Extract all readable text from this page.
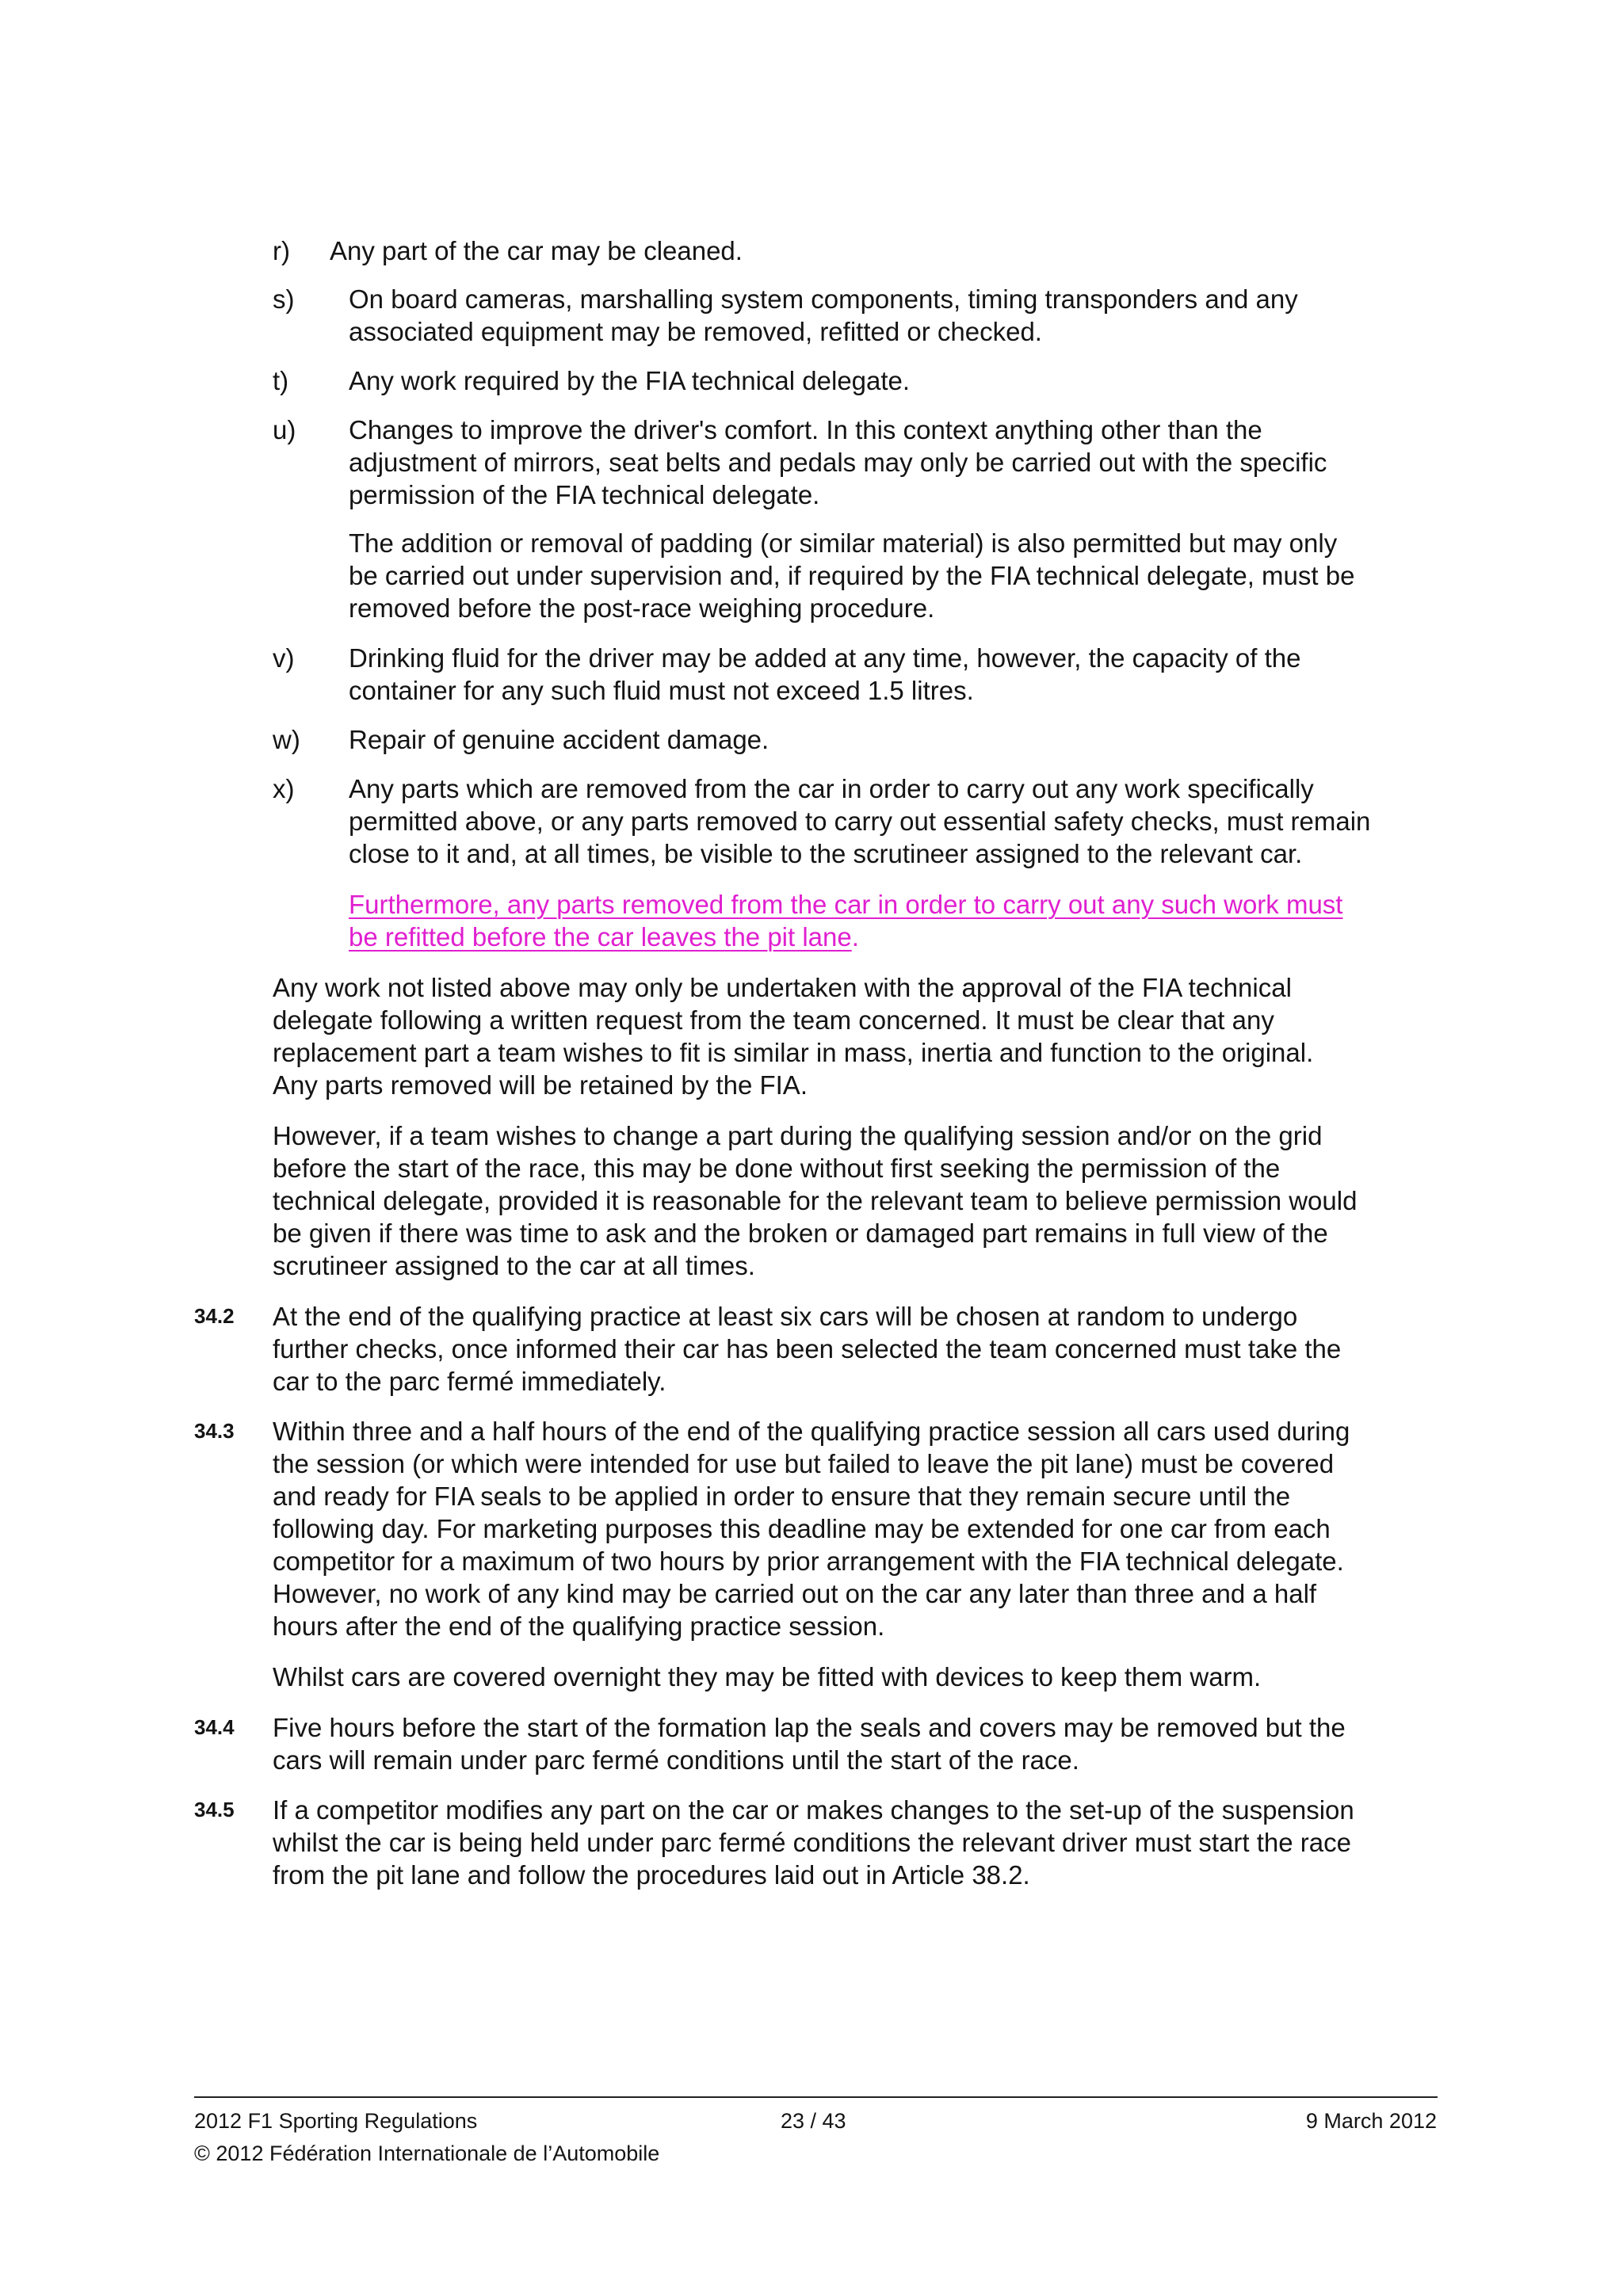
r) Any part of the car may be cleaned.
s) On board cameras, marshalling system components, timing transponders and any
associated equipment may be removed, refitted or checked.
t) Any work required by the FIA technical delegate.
u) Changes to improve the driver's comfort. In this context anything other than the
adjustment of mirrors, seat belts and pedals may only be carried out with the specific
permission of the FIA technical delegate.
The addition or removal of padding (or similar material) is also permitted but may only
be carried out under supervision and, if required by the FIA technical delegate, must be
removed before the post-race weighing procedure.
v) Drinking fluid for the driver may be added at any time, however, the capacity of the
container for any such fluid must not exceed 1.5 litres.
w) Repair of genuine accident damage.
x) Any parts which are removed from the car in order to carry out any work specifically
permitted above, or any parts removed to carry out essential safety checks, must remain
close to it and, at all times, be visible to the scrutineer assigned to the relevant car.
Furthermore, any parts removed from the car in order to carry out any such work must
be refitted before the car leaves the pit lane.
Any work not listed above may only be undertaken with the approval of the FIA technical
delegate following a written request from the team concerned. It must be clear that any
replacement part a team wishes to fit is similar in mass, inertia and function to the original.
Any parts removed will be retained by the FIA.
However, if a team wishes to change a part during the qualifying session and/or on the grid
before the start of the race, this may be done without first seeking the permission of the
technical delegate, provided it is reasonable for the relevant team to believe permission would
be given if there was time to ask and the broken or damaged part remains in full view of the
scrutineer assigned to the car at all times.
34.2 At the end of the qualifying practice at least six cars will be chosen at random to undergo
further checks, once informed their car has been selected the team concerned must take the
car to the parc fermé immediately.
34.3 Within three and a half hours of the end of the qualifying practice session all cars used during
the session (or which were intended for use but failed to leave the pit lane) must be covered
and ready for FIA seals to be applied in order to ensure that they remain secure until the
following day. For marketing purposes this deadline may be extended for one car from each
competitor for a maximum of two hours by prior arrangement with the FIA technical delegate.
However, no work of any kind may be carried out on the car any later than three and a half
hours after the end of the qualifying practice session.
Whilst cars are covered overnight they may be fitted with devices to keep them warm.
34.4 Five hours before the start of the formation lap the seals and covers may be removed but the
cars will remain under parc fermé conditions until the start of the race.
34.5 If a competitor modifies any part on the car or makes changes to the set-up of the suspension
whilst the car is being held under parc fermé conditions the relevant driver must start the race
from the pit lane and follow the procedures laid out in Article 38.2.
2012 F1 Sporting Regulations	23 / 43	9 March 2012
© 2012 Fédération Internationale de l’Automobile
